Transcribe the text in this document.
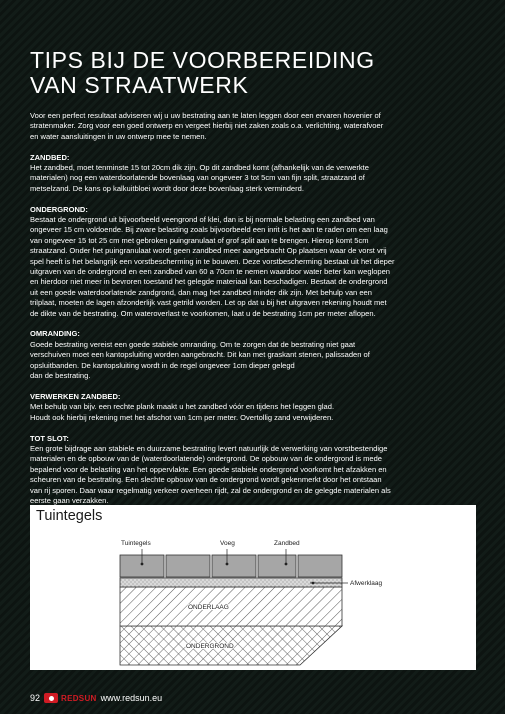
TIPS BIJ DE VOORBEREIDING
VAN STRAATWERK

Voor een perfect resultaat adviseren wij u uw bestrating aan te laten leggen door een ervaren hovenier of
stratenmaker. Zorg voor een goed ontwerp en vergeet hierbij niet zaken zoals o.a. verlichting, waterafvoer
en water aansluitingen in uw ontwerp mee te nemen.

ZANDBED:
Het zandbed, moet tenminste 15 tot 20cm dik zijn. Op dit zandbed komt (afhankelijk van de verwerkte
materialen) nog een waterdoorlatende bovenlaag van ongeveer 3 tot 5cm van fijn split, straatzand of
metselzand. De kans op kalkuitbloei wordt door deze bovenlaag sterk verminderd.

ONDERGROND:
Bestaat de ondergrond uit bijvoorbeeld veengrond of klei, dan is bij normale belasting een zandbed van
ongeveer 15 cm voldoende. Bij zware belasting zoals bijvoorbeeld een inrit is het aan te raden om een laag
van ongeveer 15 tot 25 cm met gebroken puingranulaat of grof split aan te brengen. Hierop komt 5cm
straatzand. Onder het puingranulaat wordt geen zandbed meer aangebracht Op plaatsen waar de vorst vrij
spel heeft is het belangrijk een vorstbescherming in te bouwen. Deze vorstbescherming bestaat uit het dieper
uitgraven van de ondergrond en een zandbed van 60 a 70cm te nemen waardoor water beter kan weglopen
en hierdoor niet meer in bevroren toestand het gelegde materiaal kan beschadigen. Bestaat de ondergrond
uit een goede waterdoorlatende zandgrond, dan mag het zandbed minder dik zijn. Met behulp van een
trilplaat, moeten de lagen afzonderlijk vast getrild worden. Let op dat u bij het uitgraven rekening houdt met
de dikte van de bestrating. Om wateroverlast te voorkomen, laat u de bestrating 1cm per meter aflopen.

OMRANDING:
Goede bestrating vereist een goede stabiele omranding. Om te zorgen dat de bestrating niet gaat
verschuiven moet een kantopsluiting worden aangebracht. Dit kan met graskant stenen, palissaden of
opsluitbanden. De kantopsluiting wordt in de regel ongeveer 1cm dieper gelegd
dan de bestrating.

VERWERKEN ZANDBED:
Met behulp van bijv. een rechte plank maakt u het zandbed vóór en tijdens het leggen glad.
Houdt ook hierbij rekening met het afschot van 1cm per meter. Overtollig zand verwijderen.

TOT SLOT:
Een grote bijdrage aan stabiele en duurzame bestrating levert natuurlijk de verwerking van vorstbestendige
materialen en de opbouw van de (waterdoorlatende) ondergrond. De opbouw van de ondergrond is mede
bepalend voor de belasting van het oppervlakte. Een goede stabiele ondergrond voorkomt het afzakken en
scheuren van de bestrating. Een slechte opbouw van de ondergrond wordt gekenmerkt door het ontstaan
van rij sporen. Daar waar regelmatig verkeer overheen rijdt, zal de ondergrond en de gelegde materialen als
eerste gaan verzakken.

Tuintegels
Tuintegels	Voeg	Zandbed
Afwerklaag
ONDERLAAG
ONDERGROND
92	REDSUN www.redsun.eu
